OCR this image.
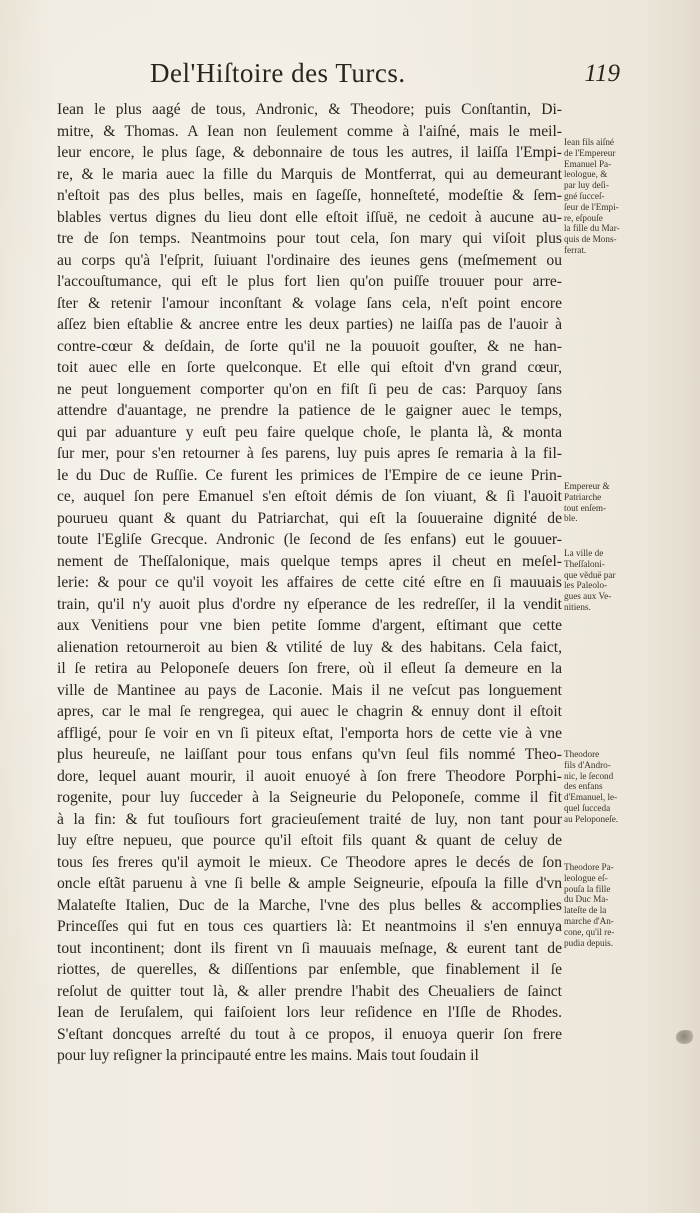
Del'Hiſtoire des Turcs.	119
Iean le plus aagé de tous, Andronic, & Theodore; puis Conſtantin, Di-
mitre, & Thomas. A Iean non ſeulement comme à l'aiſné, mais le meil-
leur encore, le plus ſage, & debonnaire de tous les autres, il laiſſa l'Empi-
re, & le maria auec la fille du Marquis de Montferrat, qui au demeurant
n'eſtoit pas des plus belles, mais en ſageſſe, honneſteté, modeſtie & ſem-
blables vertus dignes du lieu dont elle eſtoit iſſuë, ne cedoit à aucune au-
tre de ſon temps. Neantmoins pour tout cela, ſon mary qui viſoit plus
au corps qu'à l'eſprit, ſuiuant l'ordinaire des ieunes gens (meſmement ou
l'accouſtumance, qui eſt le plus fort lien qu'on puiſſe trouuer pour arre-
ſter & retenir l'amour inconſtant & volage ſans cela, n'eſt point encore
aſſez bien eſtablie & ancree entre les deux parties) ne laiſſa pas de l'auoir à
contre-cœur & deſdain, de ſorte qu'il ne la pouuoit gouſter, & ne han-
toit auec elle en ſorte quelconque. Et elle qui eſtoit d'vn grand cœur,
ne peut longuement comporter qu'on en fiſt ſi peu de cas: Parquoy ſans
attendre d'auantage, ne prendre la patience de le gaigner auec le temps,
qui par aduanture y euſt peu faire quelque choſe, le planta là, & monta
ſur mer, pour s'en retourner à ſes parens, luy puis apres ſe remaria à la fil-
le du Duc de Ruſſie. Ce furent les primices de l'Empire de ce ieune Prin-
ce, auquel ſon pere Emanuel s'en eſtoit démis de ſon viuant, & ſi l'auoit
pourueu quant & quant du Patriarchat, qui eſt la ſouueraine dignité de
toute l'Egliſe Grecque. Andronic (le ſecond de ſes enfans) eut le gouuer-
nement de Theſſalonique, mais quelque temps apres il cheut en meſel-
lerie: & pour ce qu'il voyoit les affaires de cette cité eſtre en ſi mauuais
train, qu'il n'y auoit plus d'ordre ny eſperance de les redreſſer, il la vendit
aux Venitiens pour vne bien petite ſomme d'argent, eſtimant que cette
alienation retourneroit au bien & vtilité de luy & des habitans. Cela faict,
il ſe retira au Peloponeſe deuers ſon frere, où il eſleut ſa demeure en la
ville de Mantinee au pays de Laconie. Mais il ne veſcut pas longuement
apres, car le mal ſe rengregea, qui auec le chagrin & ennuy dont il eſtoit
affligé, pour ſe voir en vn ſi piteux eſtat, l'emporta hors de cette vie à vne
plus heureuſe, ne laiſſant pour tous enfans qu'vn ſeul fils nommé Theo-
dore, lequel auant mourir, il auoit enuoyé à ſon frere Theodore Porphi-
rogenite, pour luy ſucceder à la Seigneurie du Peloponeſe, comme il fit
à la fin: & fut touſiours fort gracieuſement traité de luy, non tant pour
luy eſtre nepueu, que pource qu'il eſtoit fils quant & quant de celuy de
tous ſes freres qu'il aymoit le mieux. Ce Theodore apres le decés de ſon
oncle eſtãt paruenu à vne ſi belle & ample Seigneurie, eſpouſa la fille d'vn
Malateſte Italien, Duc de la Marche, l'vne des plus belles & accomplies
Princeſſes qui fut en tous ces quartiers là: Et neantmoins il s'en ennuya
tout incontinent; dont ils firent vn ſi mauuais meſnage, & eurent tant de
riottes, de querelles, & diſſentions par enſemble, que finablement il ſe
reſolut de quitter tout là, & aller prendre l'habit des Cheualiers de ſainct
Iean de Ieruſalem, qui faiſoient lors leur reſidence en l'Iſle de Rhodes.
S'eſtant doncques arreſté du tout à ce propos, il enuoya querir ſon frere
pour luy reſigner la principauté entre les mains. Mais tout ſoudain il
Iean fils aiſné
de l'Empereur
Emanuel Pa-
leologue, &
par luy deſi-
gné ſucceſ-
ſeur de l'Empi-
re, eſpouſe
la fille du Mar-
quis de Mons-
ferrat.
Empereur &
Patriarche
tout enſem-
ble.
La ville de
Theſſaloni-
que vẽduë par
les Paleolo-
gues aux Ve-
nitiens.
Theodore
fils d'Andro-
nic, le ſecond
des enfans
d'Emanuel, le-
quel ſucceda
au Peloponeſe.
Theodore Pa-
leologue eſ-
pouſa la fille
du Duc Ma-
lateſte de la
marche d'An-
cone, qu'il re-
pudia depuis.
